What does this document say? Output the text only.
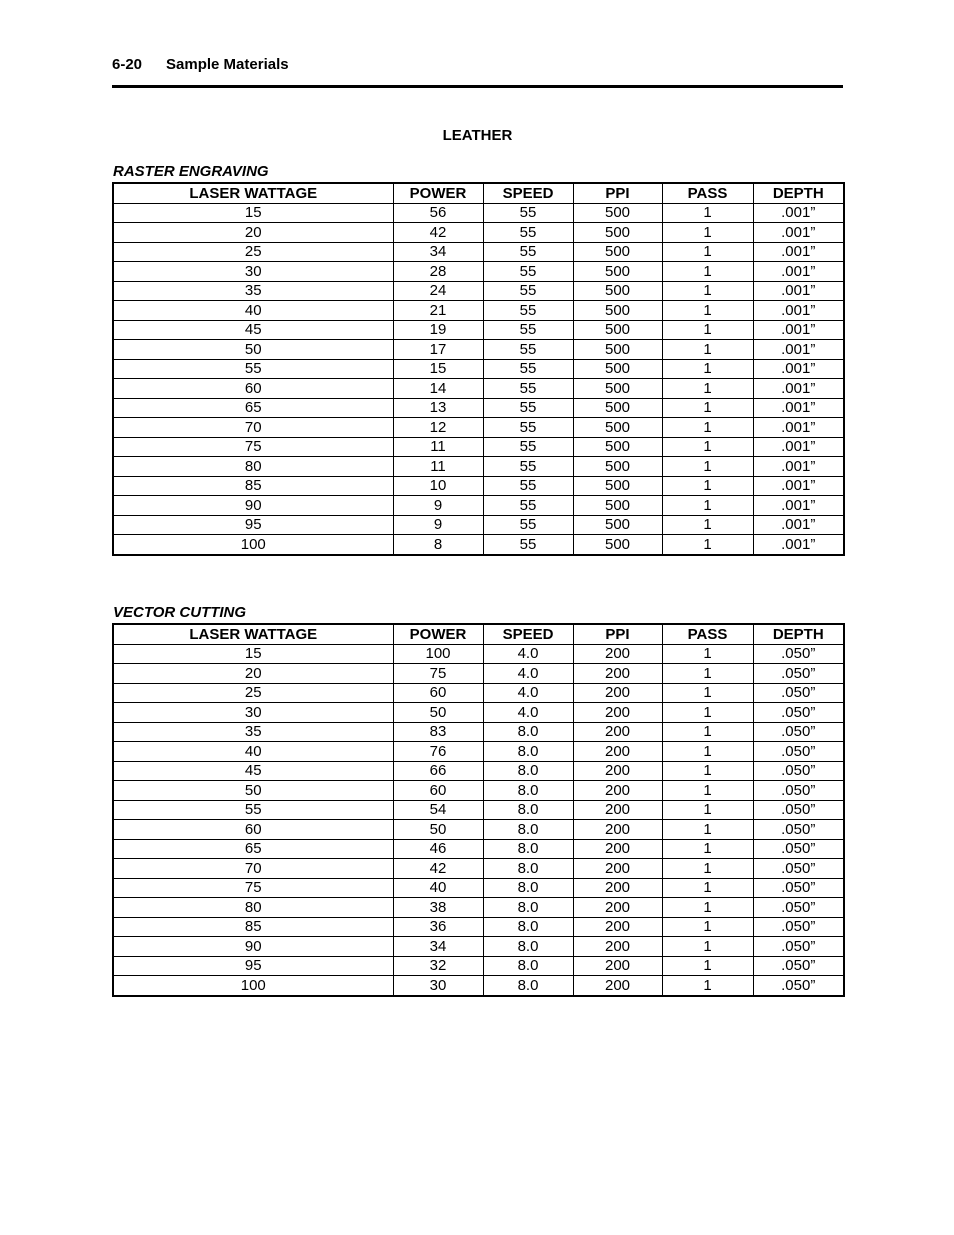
6-20 Sample Materials
LEATHER
RASTER ENGRAVING
LASER WATTAGE	POWER	SPEED	PPI	PASS	DEPTH
15	56	55	500	1	.001”
20	42	55	500	1	.001”
25	34	55	500	1	.001”
30	28	55	500	1	.001”
35	24	55	500	1	.001”
40	21	55	500	1	.001”
45	19	55	500	1	.001”
50	17	55	500	1	.001”
55	15	55	500	1	.001”
60	14	55	500	1	.001”
65	13	55	500	1	.001”
70	12	55	500	1	.001”
75	11	55	500	1	.001”
80	11	55	500	1	.001”
85	10	55	500	1	.001”
90	9	55	500	1	.001”
95	9	55	500	1	.001”
100	8	55	500	1	.001”
VECTOR CUTTING
LASER WATTAGE	POWER	SPEED	PPI	PASS	DEPTH
15	100	4.0	200	1	.050”
20	75	4.0	200	1	.050”
25	60	4.0	200	1	.050”
30	50	4.0	200	1	.050”
35	83	8.0	200	1	.050”
40	76	8.0	200	1	.050”
45	66	8.0	200	1	.050”
50	60	8.0	200	1	.050”
55	54	8.0	200	1	.050”
60	50	8.0	200	1	.050”
65	46	8.0	200	1	.050”
70	42	8.0	200	1	.050”
75	40	8.0	200	1	.050”
80	38	8.0	200	1	.050”
85	36	8.0	200	1	.050”
90	34	8.0	200	1	.050”
95	32	8.0	200	1	.050”
100	30	8.0	200	1	.050”
